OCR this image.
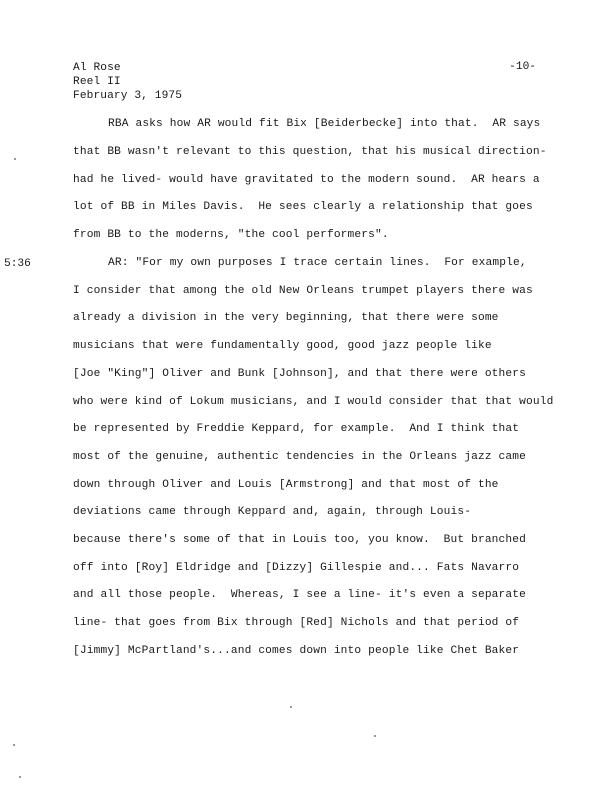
Al Rose
Reel II
February 3, 1975
-10-
5:36
RBA asks how AR would fit Bix [Beiderbecke] into that.  AR says
that BB wasn't relevant to this question, that his musical direction-
had he lived- would have gravitated to the modern sound.  AR hears a
lot of BB in Miles Davis.  He sees clearly a relationship that goes
from BB to the moderns, "the cool performers".
AR: "For my own purposes I trace certain lines.  For example,
I consider that among the old New Orleans trumpet players there was
already a division in the very beginning, that there were some
musicians that were fundamentally good, good jazz people like
[Joe "King"] Oliver and Bunk [Johnson], and that there were others
who were kind of Lokum musicians, and I would consider that that would
be represented by Freddie Keppard, for example.  And I think that
most of the genuine, authentic tendencies in the Orleans jazz came
down through Oliver and Louis [Armstrong] and that most of the
deviations came through Keppard and, again, through Louis-
because there's some of that in Louis too, you know.  But branched
off into [Roy] Eldridge and [Dizzy] Gillespie and... Fats Navarro
and all those people.  Whereas, I see a line- it's even a separate
line- that goes from Bix through [Red] Nichols and that period of
[Jimmy] McPartland's...and comes down into people like Chet Baker
